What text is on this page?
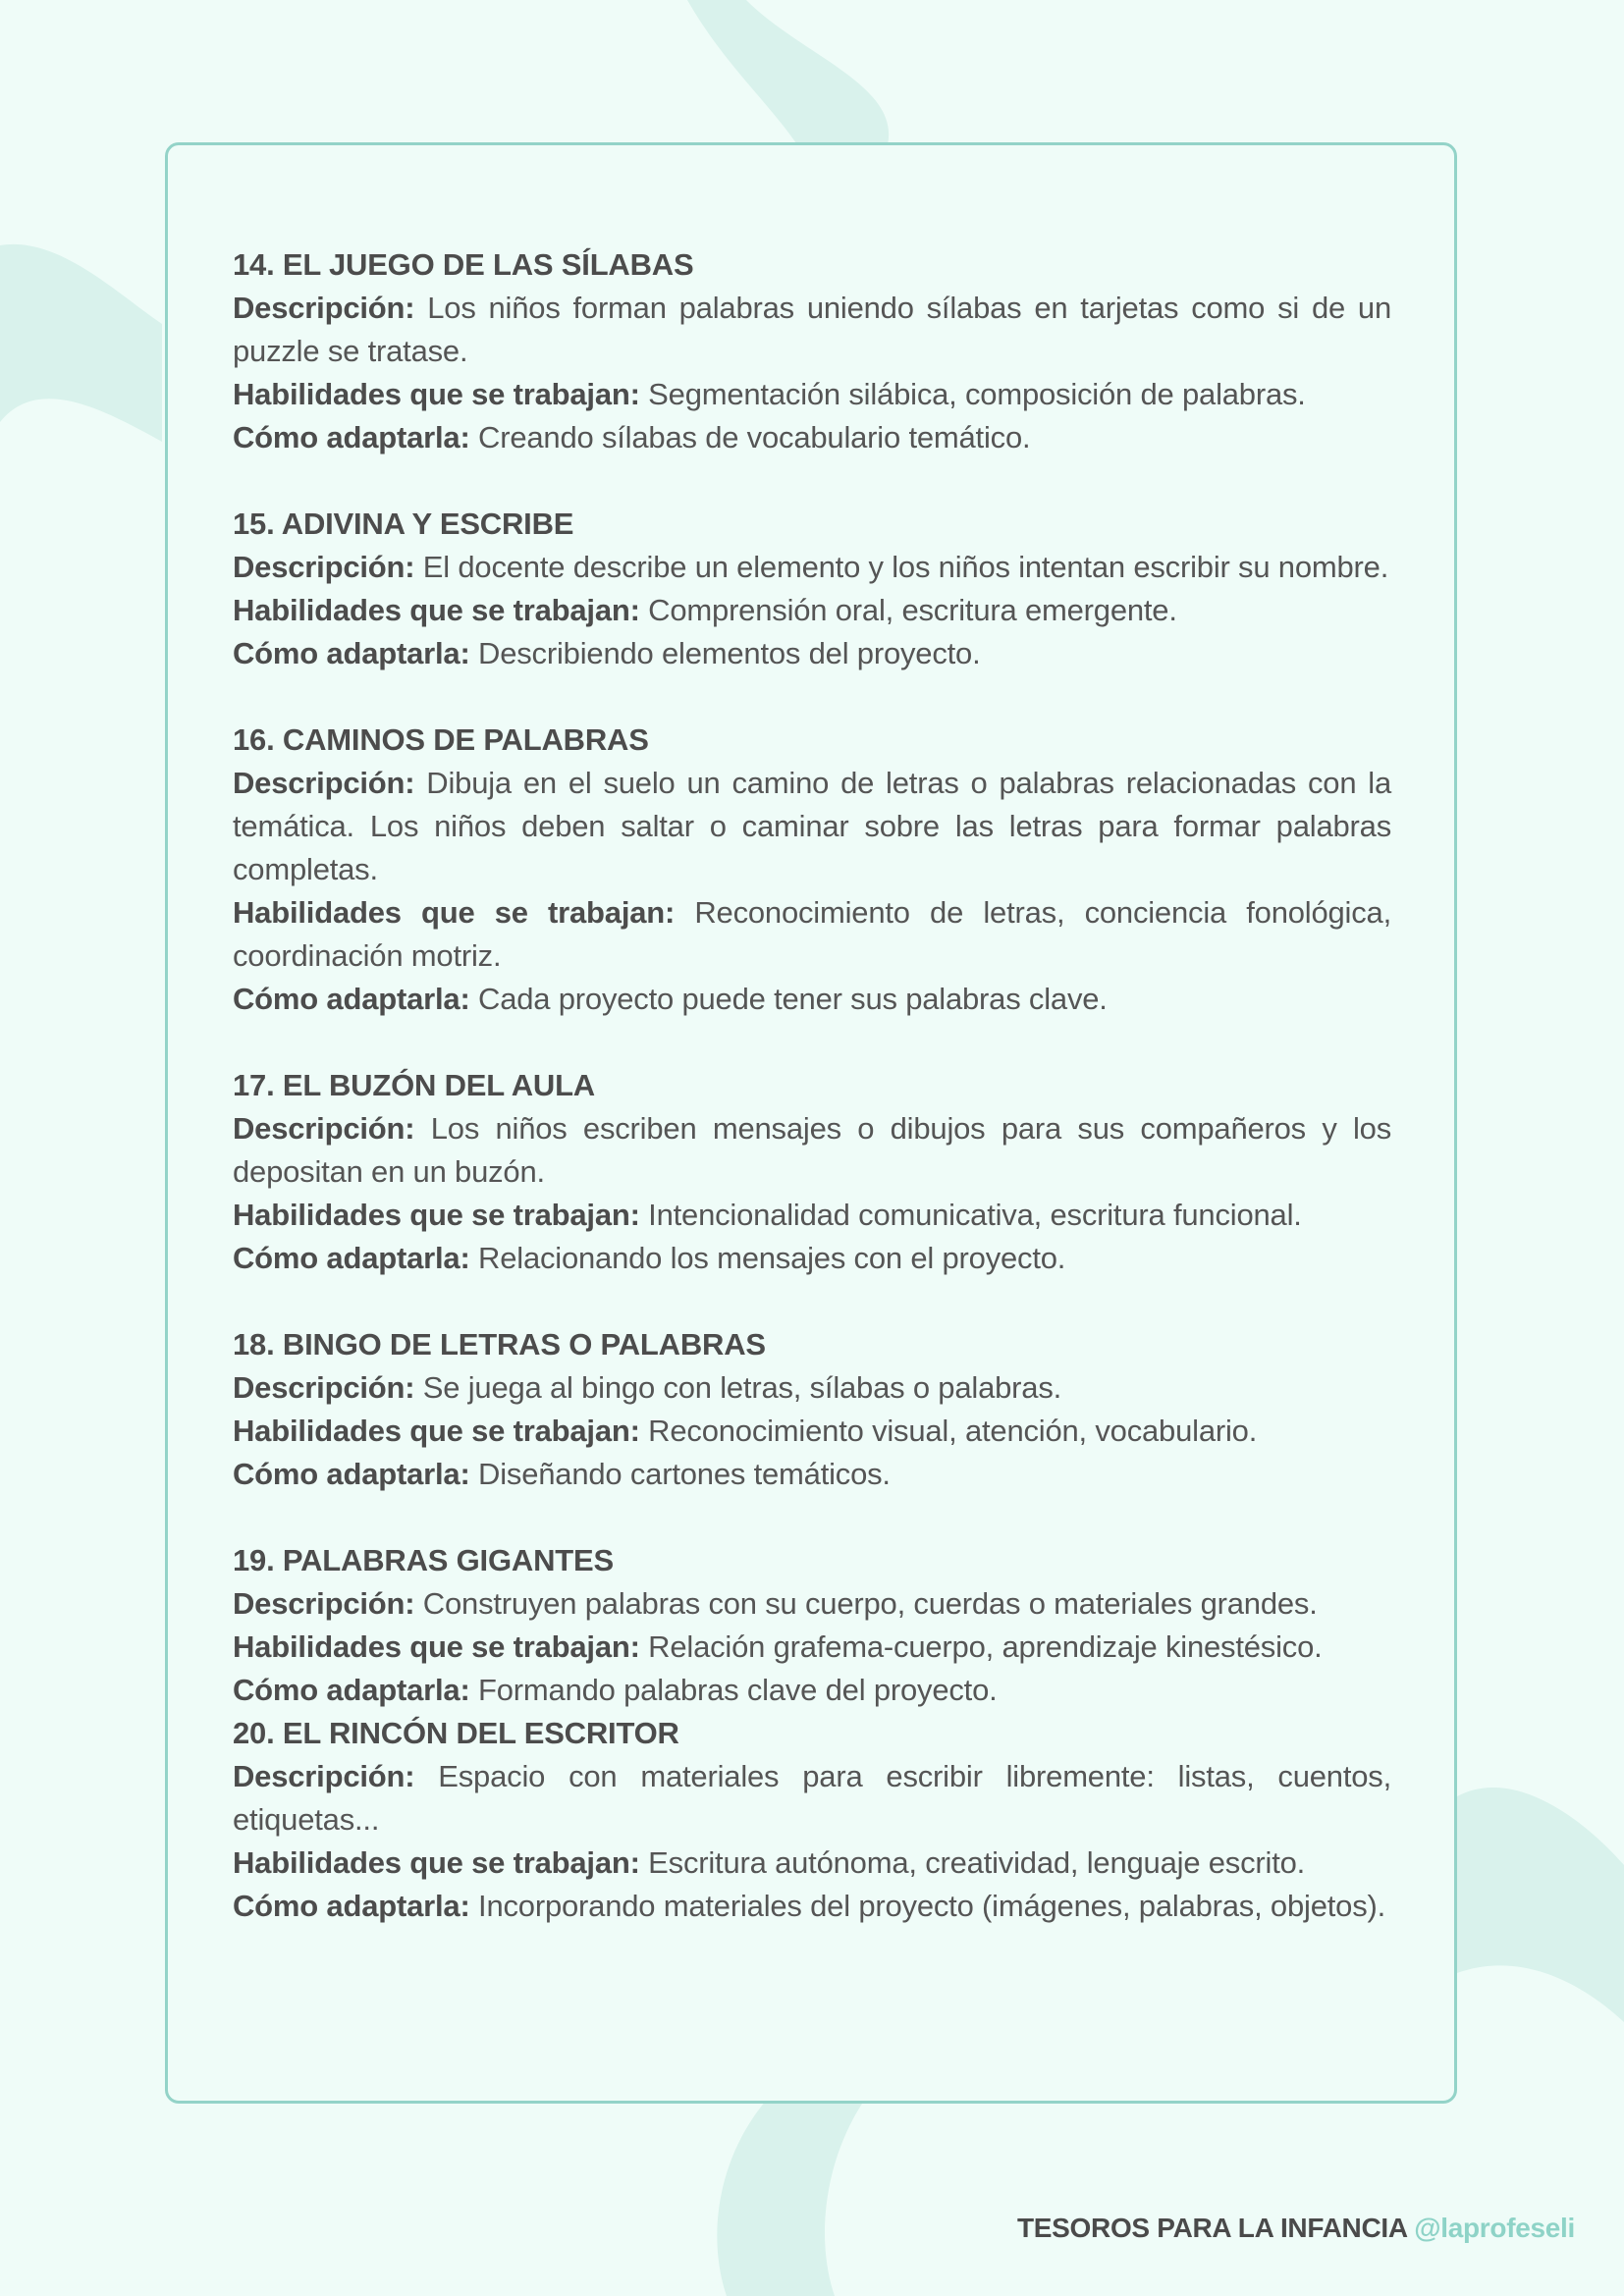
14. EL JUEGO DE LAS SÍLABAS
Descripción: Los niños forman palabras uniendo sílabas en tarjetas como si de un puzzle se tratase.
Habilidades que se trabajan: Segmentación silábica, composición de palabras.
Cómo adaptarla: Creando sílabas de vocabulario temático.
15. ADIVINA Y ESCRIBE
Descripción: El docente describe un elemento y los niños intentan escribir su nombre.
Habilidades que se trabajan: Comprensión oral, escritura emergente.
Cómo adaptarla: Describiendo elementos del proyecto.
16. CAMINOS DE PALABRAS
Descripción: Dibuja en el suelo un camino de letras o palabras relacionadas con la temática. Los niños deben saltar o caminar sobre las letras para formar palabras completas.
Habilidades que se trabajan: Reconocimiento de letras, conciencia fonológica, coordinación motriz.
Cómo adaptarla: Cada proyecto puede tener sus palabras clave.
17. EL BUZÓN DEL AULA
Descripción: Los niños escriben mensajes o dibujos para sus compañeros y los depositan en un buzón.
Habilidades que se trabajan: Intencionalidad comunicativa, escritura funcional.
Cómo adaptarla: Relacionando los mensajes con el proyecto.
18. BINGO DE LETRAS O PALABRAS
Descripción: Se juega al bingo con letras, sílabas o palabras.
Habilidades que se trabajan: Reconocimiento visual, atención, vocabulario.
Cómo adaptarla: Diseñando cartones temáticos.
19. PALABRAS GIGANTES
Descripción: Construyen palabras con su cuerpo, cuerdas o materiales grandes.
Habilidades que se trabajan: Relación grafema-cuerpo, aprendizaje kinestésico.
Cómo adaptarla: Formando palabras clave del proyecto.
20. EL RINCÓN DEL ESCRITOR
Descripción: Espacio con materiales para escribir libremente: listas, cuentos, etiquetas...
Habilidades que se trabajan: Escritura autónoma, creatividad, lenguaje escrito.
Cómo adaptarla: Incorporando materiales del proyecto (imágenes, palabras, objetos).
TESOROS PARA LA INFANCIA @laprofeseli
